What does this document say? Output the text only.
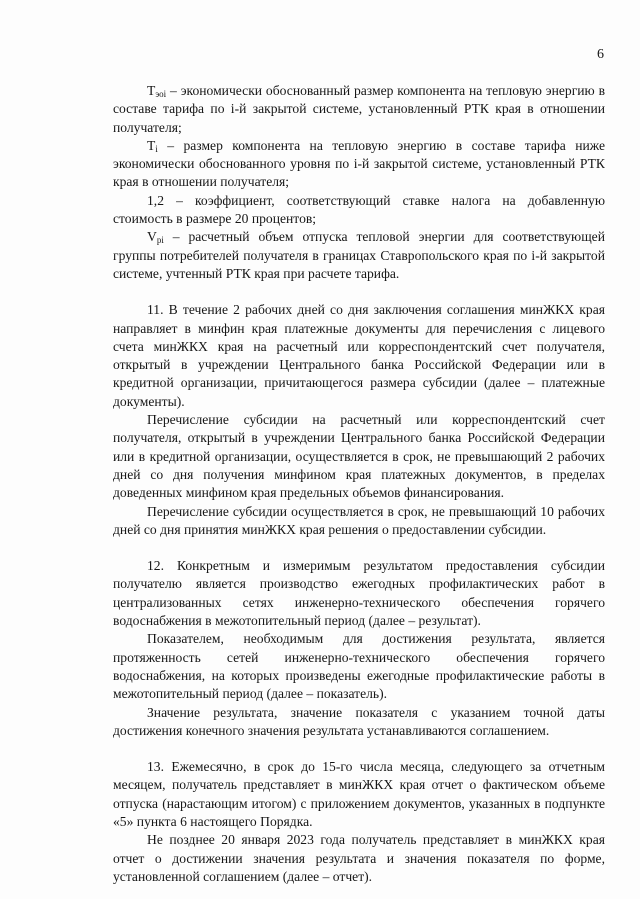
6

$T_{эoi}$ – экономически обоснованный размер компонента на тепловую энергию в составе тарифа по i-й закрытой системе, установленный РТК края в отношении получателя;

$T_i$ – размер компонента на тепловую энергию в составе тарифа ниже экономически обоснованного уровня по i-й закрытой системе, установленный РТК края в отношении получателя;

1,2 – коэффициент, соответствующий ставке налога на добавленную стоимость в размере 20 процентов;

$V_{pi}$ – расчетный объем отпуска тепловой энергии для соответствующей группы потребителей получателя в границах Ставропольского края по i-й закрытой системе, учтенный РТК края при расчете тарифа.

11. В течение 2 рабочих дней со дня заключения соглашения минЖКХ края направляет в минфин края платежные документы для перечисления с лицевого счета минЖКХ края на расчетный или корреспондентский счет получателя, открытый в учреждении Центрального банка Российской Федерации или в кредитной организации, причитающегося размера субсидии (далее – платежные документы).

Перечисление субсидии на расчетный или корреспондентский счет получателя, открытый в учреждении Центрального банка Российской Федерации или в кредитной организации, осуществляется в срок, не превышающий 2 рабочих дней со дня получения минфином края платежных документов, в пределах доведенных минфином края предельных объемов финансирования.

Перечисление субсидии осуществляется в срок, не превышающий 10 рабочих дней со дня принятия минЖКХ края решения о предоставлении субсидии.

12. Конкретным и измеримым результатом предоставления субсидии получателю является производство ежегодных профилактических работ в централизованных сетях инженерно-технического обеспечения горячего водоснабжения в межотопительный период (далее – результат).

Показателем, необходимым для достижения результата, является протяженность сетей инженерно-технического обеспечения горячего водоснабжения, на которых произведены ежегодные профилактические работы в межотопительный период (далее – показатель).

Значение результата, значение показателя с указанием точной даты достижения конечного значения результата устанавливаются соглашением.

13. Ежемесячно, в срок до 15-го числа месяца, следующего за отчетным месяцем, получатель представляет в минЖКХ края отчет о фактическом объеме отпуска (нарастающим итогом) с приложением документов, указанных в подпункте «5» пункта 6 настоящего Порядка.

Не позднее 20 января 2023 года получатель представляет в минЖКХ края отчет о достижении значения результата и значения показателя по форме, установленной соглашением (далее – отчет).
